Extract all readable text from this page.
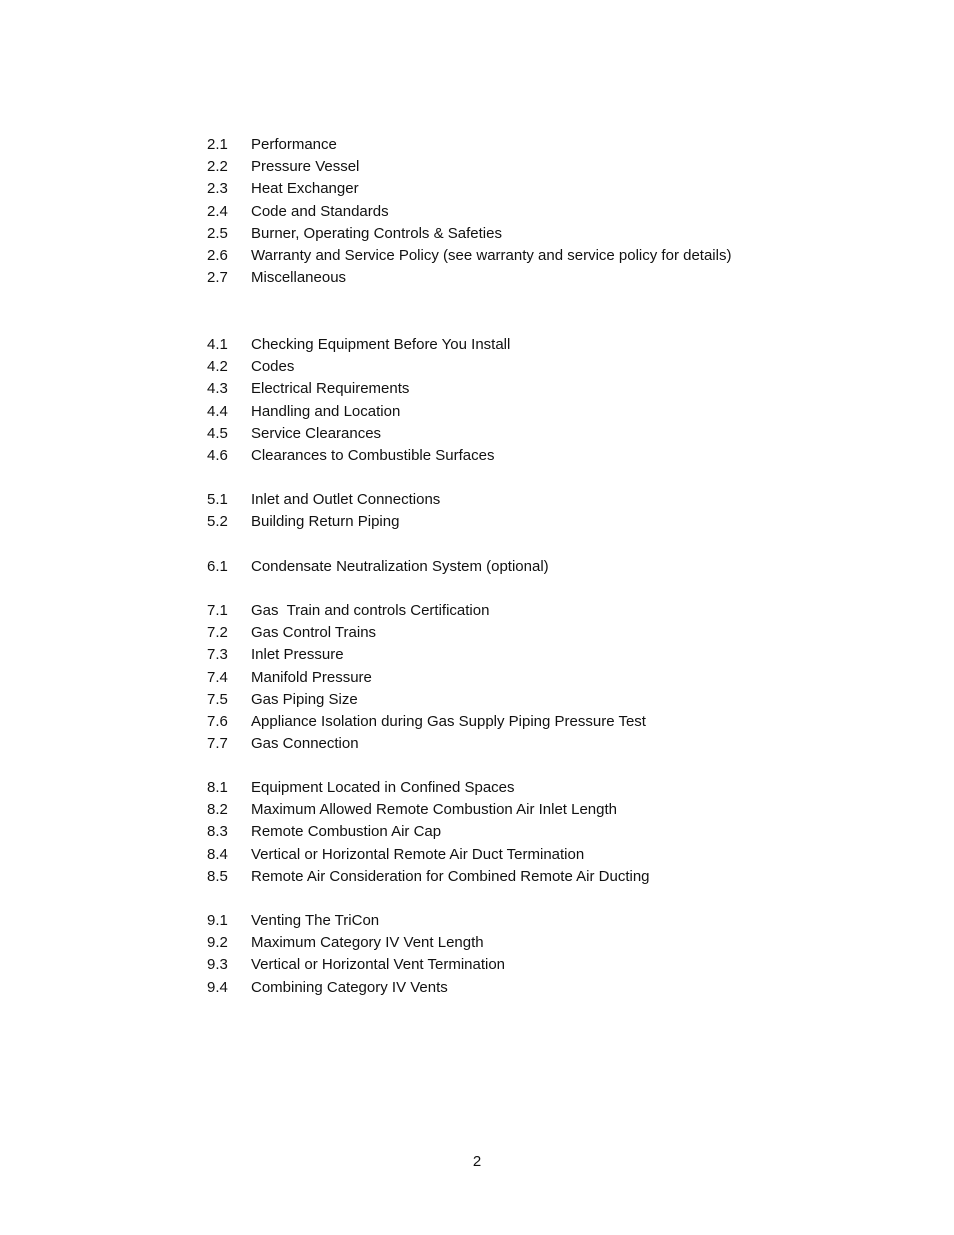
2.1	Performance
2.2	Pressure Vessel
2.3	Heat Exchanger
2.4	Code and Standards
2.5	Burner, Operating Controls & Safeties
2.6	Warranty and Service Policy (see warranty and service policy for details)
2.7	Miscellaneous
4.1	Checking Equipment Before You Install
4.2	Codes
4.3	Electrical Requirements
4.4	Handling and Location
4.5	Service Clearances
4.6	Clearances to Combustible Surfaces
5.1	Inlet and Outlet Connections
5.2	Building Return Piping
6.1	Condensate Neutralization System (optional)
7.1	Gas  Train and controls Certification
7.2	Gas Control Trains
7.3	Inlet Pressure
7.4	Manifold Pressure
7.5	Gas Piping Size
7.6	Appliance Isolation during Gas Supply Piping Pressure Test
7.7	Gas Connection
8.1	Equipment Located in Confined Spaces
8.2	Maximum Allowed Remote Combustion Air Inlet Length
8.3	Remote Combustion Air Cap
8.4	Vertical or Horizontal Remote Air Duct Termination
8.5	Remote Air Consideration for Combined Remote Air Ducting
9.1	Venting The TriCon
9.2	Maximum Category IV Vent Length
9.3	Vertical or Horizontal Vent Termination
9.4	Combining Category IV Vents
2
